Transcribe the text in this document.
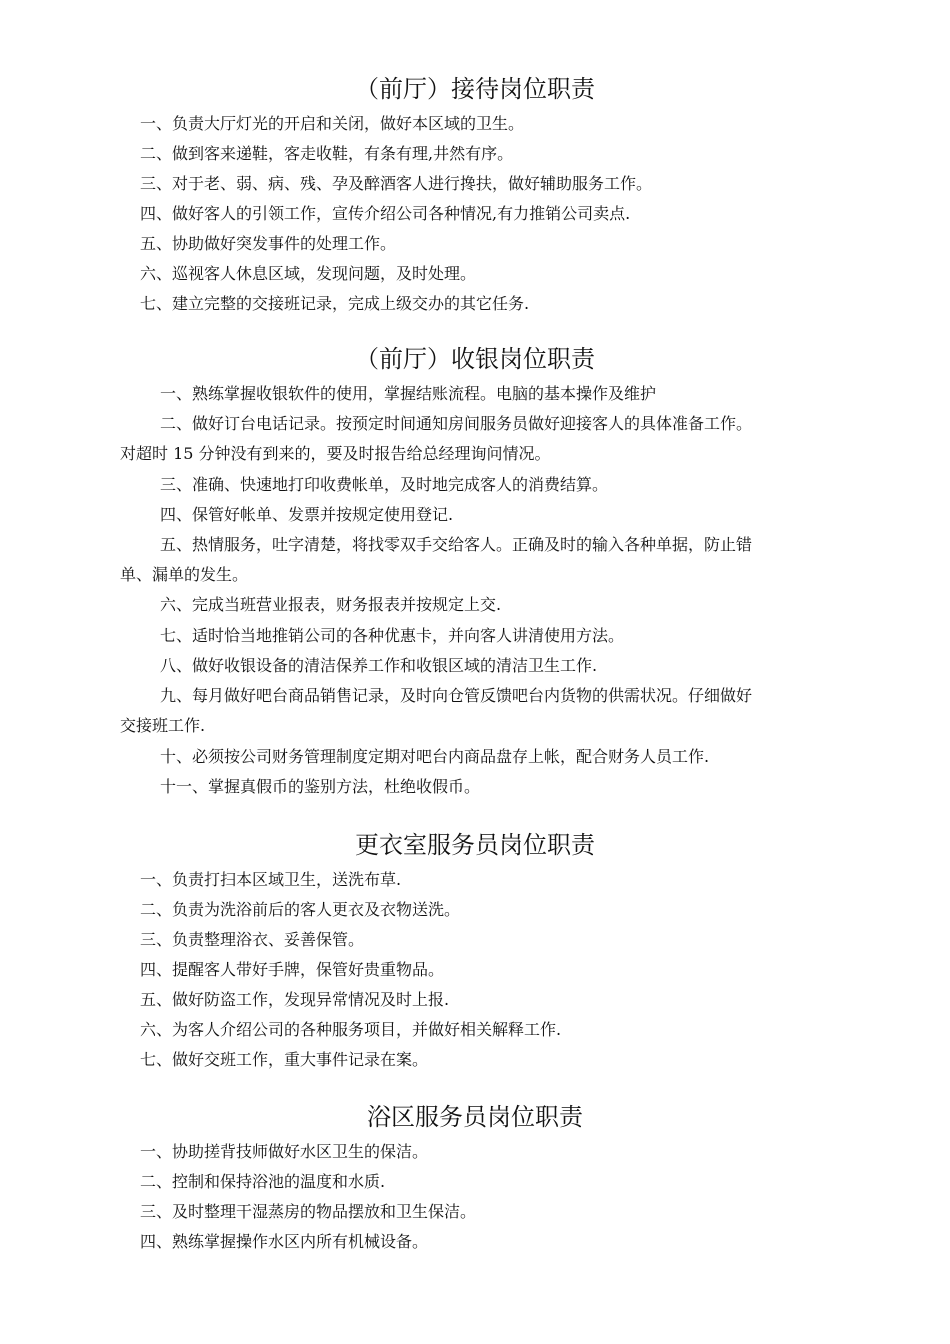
（前厅）接待岗位职责
一、负责大厅灯光的开启和关闭，做好本区域的卫生。
二、做到客来递鞋，客走收鞋，有条有理,井然有序。
三、对于老、弱、病、残、孕及醉酒客人进行搀扶，做好辅助服务工作。
四、做好客人的引领工作，宣传介绍公司各种情况,有力推销公司卖点.
五、协助做好突发事件的处理工作。
六、巡视客人休息区域，发现问题，及时处理。
七、建立完整的交接班记录，完成上级交办的其它任务.
（前厅）收银岗位职责
一、熟练掌握收银软件的使用，掌握结账流程。电脑的基本操作及维护
二、做好订台电话记录。按预定时间通知房间服务员做好迎接客人的具体准备工作。
对超时 15 分钟没有到来的，要及时报告给总经理询问情况。
三、准确、快速地打印收费帐单，及时地完成客人的消费结算。
四、保管好帐单、发票并按规定使用登记.
五、热情服务，吐字清楚，将找零双手交给客人。正确及时的输入各种单据，防止错
单、漏单的发生。
六、完成当班营业报表，财务报表并按规定上交.
七、适时恰当地推销公司的各种优惠卡，并向客人讲清使用方法。
八、做好收银设备的清洁保养工作和收银区域的清洁卫生工作.
九、每月做好吧台商品销售记录，及时向仓管反馈吧台内货物的供需状况。仔细做好
交接班工作.
十、必须按公司财务管理制度定期对吧台内商品盘存上帐，配合财务人员工作.
十一、掌握真假币的鉴别方法，杜绝收假币。
更衣室服务员岗位职责
一、负责打扫本区域卫生，送洗布草.
二、负责为洗浴前后的客人更衣及衣物送洗。
三、负责整理浴衣、妥善保管。
四、提醒客人带好手牌，保管好贵重物品。
五、做好防盗工作，发现异常情况及时上报.
六、为客人介绍公司的各种服务项目，并做好相关解释工作.
七、做好交班工作，重大事件记录在案。
浴区服务员岗位职责
一、协助搓背技师做好水区卫生的保洁。
二、控制和保持浴池的温度和水质.
三、及时整理干湿蒸房的物品摆放和卫生保洁。
四、熟练掌握操作水区内所有机械设备。
